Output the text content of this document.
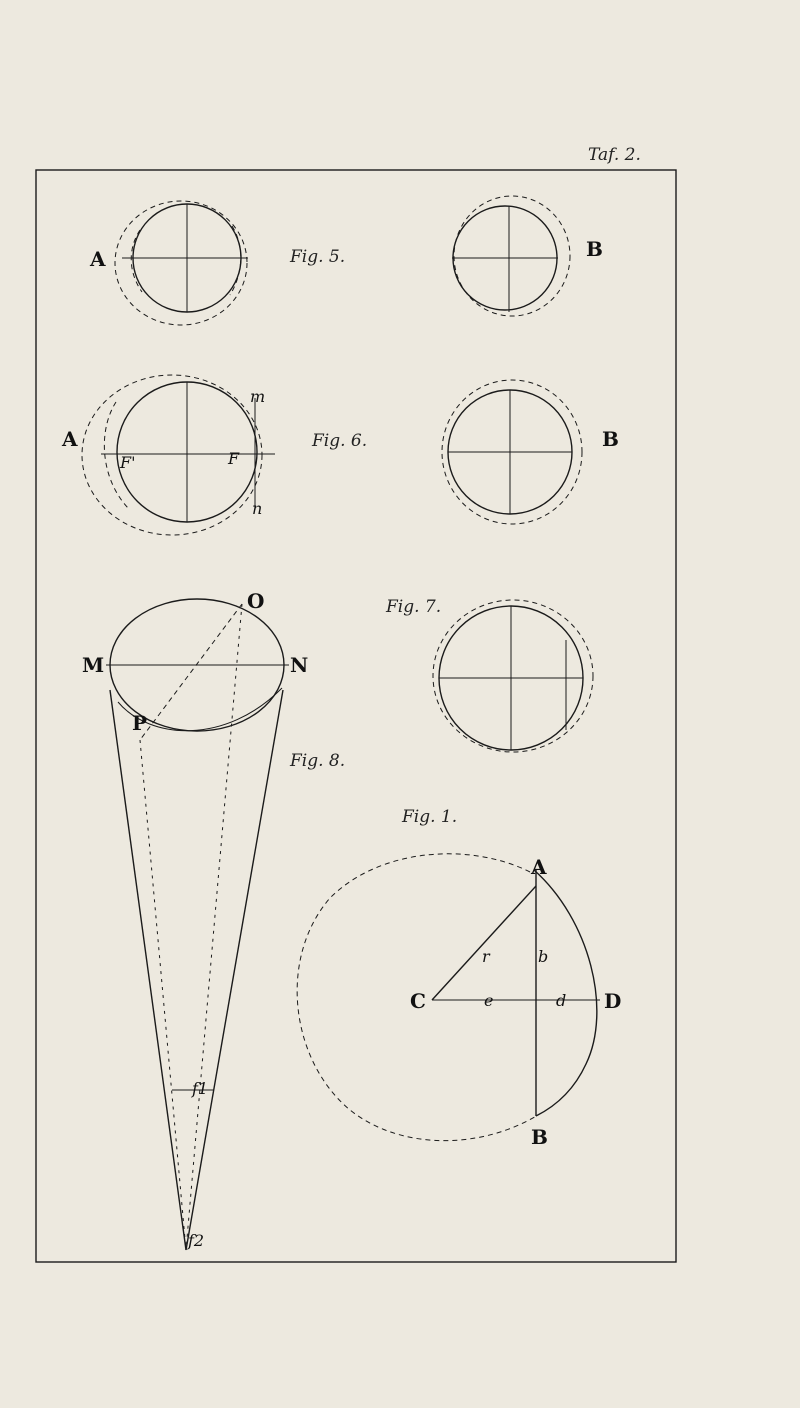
Taf. 2.
A	Fig. 5.	B
A
m
n
F'	F
Fig. 6.	B
Fig. 7.
O
M	N
P
f1
f2
Fig. 8.
Fig. 1.
A
B
C	D
r	b
e	d
